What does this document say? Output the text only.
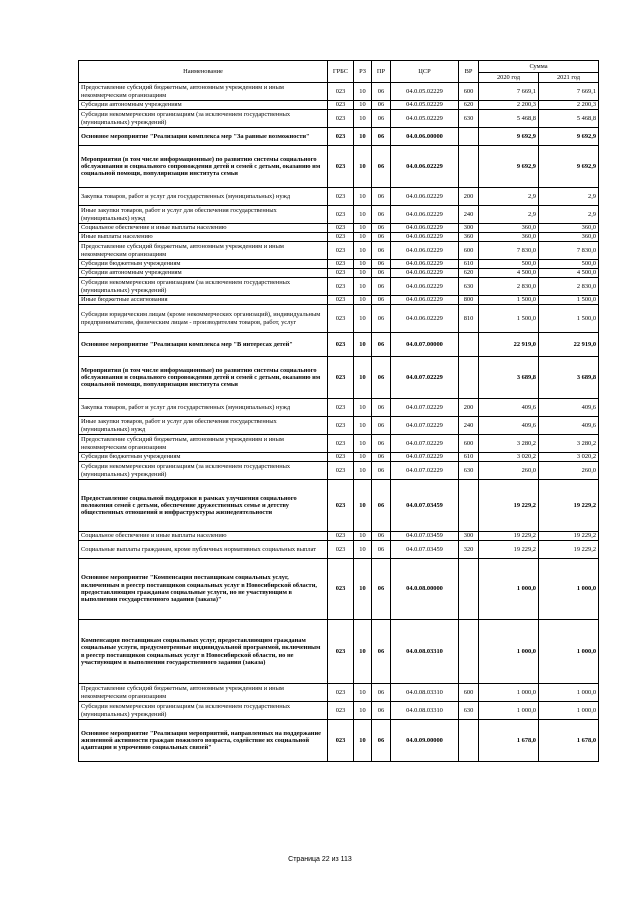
Наименование	ГРБС	РЗ	ПР	ЦСР	ВР	Сумма	
						2020 год	2021 год
Предоставление субсидий бюджетным, автономным учреждениям и иным некоммерческим организациям	023	10	06	04.0.05.02229	600	7 669,1	7 669,1
Субсидии автономным учреждениям	023	10	06	04.0.05.02229	620	2 200,3	2 200,3
Субсидии некоммерческим организациям (за исключением государственных (муниципальных) учреждений)	023	10	06	04.0.05.02229	630	5 468,8	5 468,8
Основное мероприятие "Реализация комплекса мер "За равные возможности"	023	10	06	04.0.06.00000		9 692,9	9 692,9
Мероприятия (в том числе информационные) по развитию системы социального обслуживания и социального сопровождения детей и семей с детьми, оказанию им социальной помощи, популяризации института семьи	023	10	06	04.0.06.02229		9 692,9	9 692,9
Закупка товаров, работ и услуг для государственных (муниципальных) нужд	023	10	06	04.0.06.02229	200	2,9	2,9
Иные закупки товаров, работ и услуг для обеспечения государственных (муниципальных) нужд	023	10	06	04.0.06.02229	240	2,9	2,9
Социальное обеспечение и иные выплаты населению	023	10	06	04.0.06.02229	300	360,0	360,0
Иные выплаты населению	023	10	06	04.0.06.02229	360	360,0	360,0
Предоставление субсидий бюджетным, автономным учреждениям и иным некоммерческим организациям	023	10	06	04.0.06.02229	600	7 830,0	7 830,0
Субсидии бюджетным учреждениям	023	10	06	04.0.06.02229	610	500,0	500,0
Субсидии автономным учреждениям	023	10	06	04.0.06.02229	620	4 500,0	4 500,0
Субсидии некоммерческим организациям (за исключением государственных (муниципальных) учреждений)	023	10	06	04.0.06.02229	630	2 830,0	2 830,0
Иные бюджетные ассигнования	023	10	06	04.0.06.02229	800	1 500,0	1 500,0
Субсидии юридическим лицам (кроме некоммерческих организаций), индивидуальным предпринимателям, физическим лицам - производителям товаров, работ, услуг	023	10	06	04.0.06.02229	810	1 500,0	1 500,0
Основное мероприятие "Реализация комплекса мер "В интересах детей"	023	10	06	04.0.07.00000		22 919,0	22 919,0
Мероприятия (в том числе информационные) по развитию системы социального обслуживания и социального сопровождения детей и семей с детьми, оказанию им социальной помощи, популяризации института семьи	023	10	06	04.0.07.02229		3 689,8	3 689,8
Закупка товаров, работ и услуг для государственных (муниципальных) нужд	023	10	06	04.0.07.02229	200	409,6	409,6
Иные закупки товаров, работ и услуг для обеспечения государственных (муниципальных) нужд	023	10	06	04.0.07.02229	240	409,6	409,6
Предоставление субсидий бюджетным, автономным учреждениям и иным некоммерческим организациям	023	10	06	04.0.07.02229	600	3 280,2	3 280,2
Субсидии бюджетным учреждениям	023	10	06	04.0.07.02229	610	3 020,2	3 020,2
Субсидии некоммерческим организациям (за исключением государственных (муниципальных) учреждений)	023	10	06	04.0.07.02229	630	260,0	260,0
Предоставление социальной поддержки в рамках улучшения социального положения семей с детьми, обеспечение дружественных семье и детству общественных отношений и инфраструктуры жизнедеятельности	023	10	06	04.0.07.03459		19 229,2	19 229,2
Социальное обеспечение и иные выплаты населению	023	10	06	04.0.07.03459	300	19 229,2	19 229,2
Социальные выплаты гражданам, кроме публичных нормативных социальных выплат	023	10	06	04.0.07.03459	320	19 229,2	19 229,2
Основное мероприятие "Компенсация поставщикам социальных услуг, включенным в реестр поставщиков социальных услуг в Новосибирской области, предоставляющим гражданам социальные услуги, но не участвующим в выполнении государственного задания (заказа)"	023	10	06	04.0.08.00000		1 000,0	1 000,0
Компенсация поставщикам социальных услуг, предоставляющим гражданам социальные услуги, предусмотренные индивидуальной программой, включенным в реестр поставщиков социальных услуг в Новосибирской области, но не участвующим в выполнении государственного задания (заказа)	023	10	06	04.0.08.03310		1 000,0	1 000,0
Предоставление субсидий бюджетным, автономным учреждениям и иным некоммерческим организациям	023	10	06	04.0.08.03310	600	1 000,0	1 000,0
Субсидии некоммерческим организациям (за исключением государственных (муниципальных) учреждений)	023	10	06	04.0.08.03310	630	1 000,0	1 000,0
Основное мероприятие "Реализация мероприятий, направленных на поддержание жизненной активности граждан пожилого возраста, содействие их социальной адаптации и упрочению социальных связей"	023	10	06	04.0.09.00000		1 678,0	1 678,0
Страница 22 из 113
